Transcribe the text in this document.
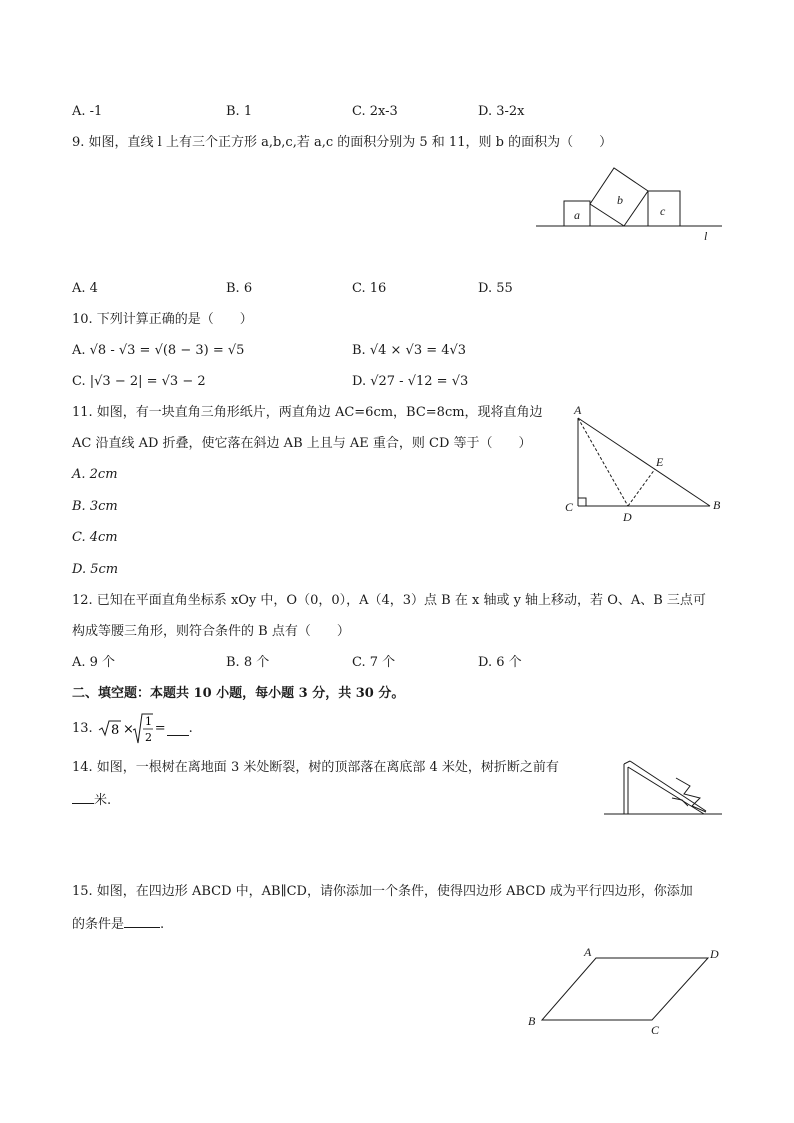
A. -1	B. 1	C. 2x-3	D. 3-2x
9. 如图，直线 l 上有三个正方形 a,b,c,若 a,c 的面积分别为 5 和 11，则 b 的面积为（　　）
a
b
c
l
A. 4	B. 6	C. 16	D. 55
10. 下列计算正确的是（　　）
A. √8 - √3 = √(8 − 3) = √5	B. √4 × √3 = 4√3
C. |√3 − 2| = √3 − 2	D. √27 - √12 = √3
11. 如图，有一块直角三角形纸片，两直角边 AC=6cm，BC=8cm，现将直角边
AC 沿直线 AD 折叠，使它落在斜边 AB 上且与 AE 重合，则 CD 等于（　　）
A. 2cm
B. 3cm
C. 4cm
D. 5cm
A
B
C
D
E
12. 已知在平面直角坐标系 xOy 中，O（0，0），A（4，3）点 B 在 x 轴或 y 轴上移动，若 O、A、B 三点可
构成等腰三角形，则符合条件的 B 点有（　　）
A. 9 个	B. 8 个	C. 7 个	D. 6 个
二、填空题：本题共 10 小题，每小题 3 分，共 30 分。
13. 8 ×
1
2
= .
14. 如图，一根树在离地面 3 米处断裂，树的顶部落在离底部 4 米处，树折断之前有
米.
15. 如图，在四边形 ABCD 中，AB∥CD，请你添加一个条件，使得四边形 ABCD 成为平行四边形，你添加
的条件是	.
A	D
B
C
